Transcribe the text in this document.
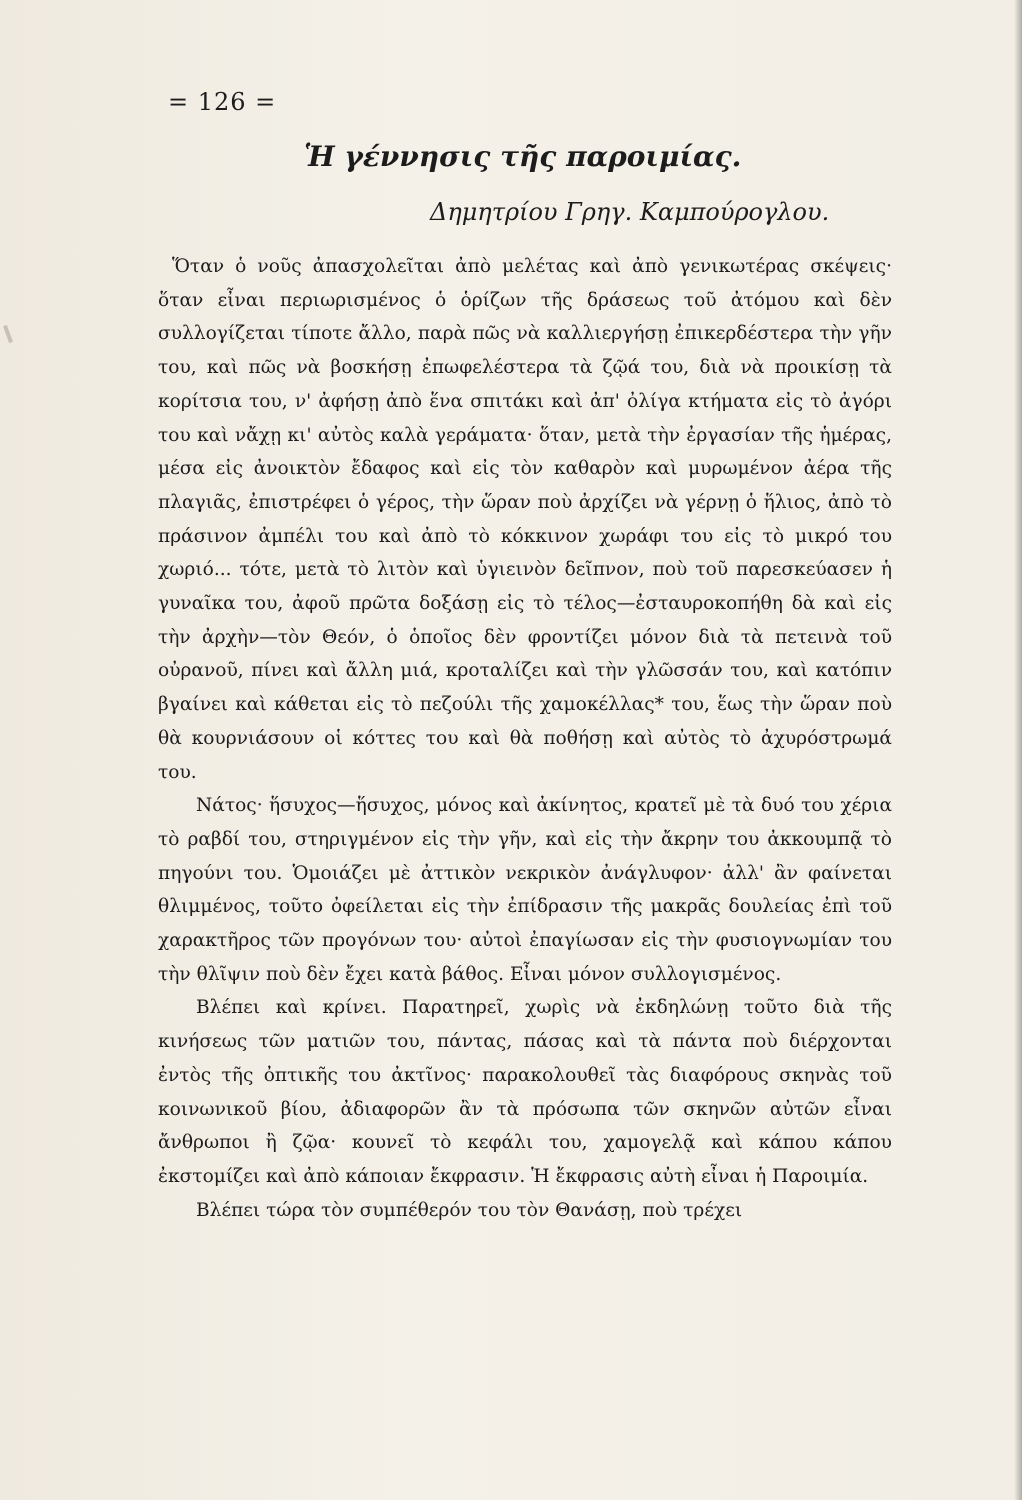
= 126 =
Ἡ γέννησις τῆς παροιμίας.
Δημητρίου Γρηγ. Καμπούρογλου.

Ὅταν ὁ νοῦς ἀπασχολεῖται ἀπὸ μελέτας καὶ ἀπὸ γενικωτέρας σκέψεις· ὅταν εἶναι περιωρισμένος ὁ ὁρίζων τῆς δράσεως τοῦ ἀτόμου καὶ δὲν συλλογίζεται τίποτε ἄλλο, παρὰ πῶς νὰ καλλιεργήσῃ ἐπικερδέστερα τὴν γῆν του, καὶ πῶς νὰ βοσκήσῃ ἐπωφελέστερα τὰ ζῷά του, διὰ νὰ προικίσῃ τὰ κορίτσια του, ν' ἀφήσῃ ἀπὸ ἕνα σπιτάκι καὶ ἀπ' ὀλίγα κτήματα εἰς τὸ ἀγόρι του καὶ νἄχῃ κι' αὐτὸς καλὰ γεράματα· ὅταν, μετὰ τὴν ἐργασίαν τῆς ἡμέρας, μέσα εἰς ἀνοικτὸν ἔδαφος καὶ εἰς τὸν καθαρὸν καὶ μυρωμένον ἀέρα τῆς πλαγιᾶς, ἐπιστρέφει ὁ γέρος, τὴν ὥραν ποὺ ἀρχίζει νὰ γέρνῃ ὁ ἥλιος, ἀπὸ τὸ πράσινον ἀμπέλι του καὶ ἀπὸ τὸ κόκκινον χωράφι του εἰς τὸ μικρό του χωριό... τότε, μετὰ τὸ λιτὸν καὶ ὑγιεινὸν δεῖπνον, ποὺ τοῦ παρεσκεύασεν ἡ γυναῖκα του, ἀφοῦ πρῶτα δοξάσῃ εἰς τὸ τέλος—ἐσταυροκοπήθη δὰ καὶ εἰς τὴν ἀρχὴν—τὸν Θεόν, ὁ ὁποῖος δὲν φροντίζει μόνον διὰ τὰ πετεινὰ τοῦ οὐρανοῦ, πίνει καὶ ἄλλη μιά, κροταλίζει καὶ τὴν γλῶσσάν του, καὶ κατόπιν βγαίνει καὶ κάθεται εἰς τὸ πεζούλι τῆς χαμοκέλλας* του, ἕως τὴν ὥραν ποὺ θὰ κουρνιάσουν οἱ κόττες του καὶ θὰ ποθήσῃ καὶ αὐτὸς τὸ ἀχυρόστρωμά του.

Νάτος· ἥσυχος—ἥσυχος, μόνος καὶ ἀκίνητος, κρατεῖ μὲ τὰ δυό του χέρια τὸ ραβδί του, στηριγμένον εἰς τὴν γῆν, καὶ εἰς τὴν ἄκρην του ἀκκουμπᾷ τὸ πηγούνι του. Ὁμοιάζει μὲ ἀττικὸν νεκρικὸν ἀνάγλυφον· ἀλλ' ἂν φαίνεται θλιμμένος, τοῦτο ὀφείλεται εἰς τὴν ἐπίδρασιν τῆς μακρᾶς δουλείας ἐπὶ τοῦ χαρακτῆρος τῶν προγόνων του· αὐτοὶ ἐπαγίωσαν εἰς τὴν φυσιογνωμίαν του τὴν θλῖψιν ποὺ δὲν ἔχει κατὰ βάθος. Εἶναι μόνον συλλογισμένος.

Βλέπει καὶ κρίνει. Παρατηρεῖ, χωρὶς νὰ ἐκδηλώνῃ τοῦτο διὰ τῆς κινήσεως τῶν ματιῶν του, πάντας, πάσας καὶ τὰ πάντα ποὺ διέρχονται ἐντὸς τῆς ὀπτικῆς του ἀκτῖνος· παρακολουθεῖ τὰς διαφόρους σκηνὰς τοῦ κοινωνικοῦ βίου, ἀδιαφορῶν ἂν τὰ πρόσωπα τῶν σκηνῶν αὐτῶν εἶναι ἄνθρωποι ἢ ζῷα· κουνεῖ τὸ κεφάλι του, χαμογελᾷ καὶ κάπου κάπου ἐκστομίζει καὶ ἀπὸ κάποιαν ἔκφρασιν. Ἡ ἔκφρασις αὐτὴ εἶναι ἡ Παροιμία.

Βλέπει τώρα τὸν συμπέθερόν του τὸν Θανάσῃ, ποὺ τρέχει
